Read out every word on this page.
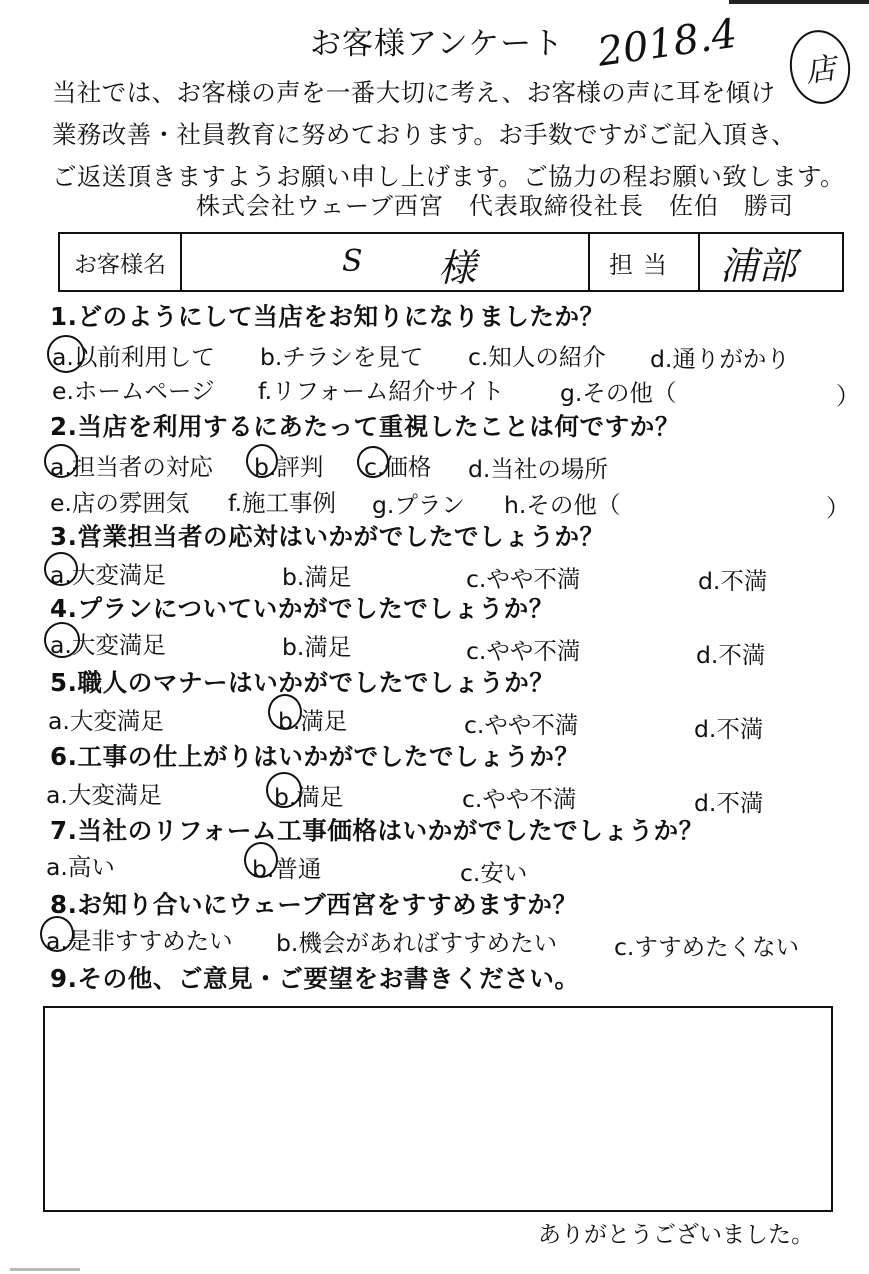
お客様アンケート 2018.4 店
当社では、お客様の声を一番大切に考え、お客様の声に耳を傾け
業務改善・社員教育に努めております。お手数ですがご記入頂き、
ご返送頂きますようお願い申し上げます。ご協力の程お願い致します。
株式会社ウェーブ西宮　代表取締役社長　佐伯　勝司
お客様名	S 様	担当	浦部
1.どのようにして当店をお知りになりましたか？
a.以前利用して b.チラシを見て c.知人の紹介 d.通りがかり
e.ホームページ f.リフォーム紹介サイト g.その他（	）
2.当店を利用するにあたって重視したことは何ですか？
a.担当者の対応 b.評判 c.価格 d.当社の場所
e.店の雰囲気 f.施工事例 g.プラン h.その他（	）
3.営業担当者の応対はいかがでしたでしょうか？
a.大変満足	b.満足	c.やや不満	d.不満
4.プランについていかがでしたでしょうか？
a.大変満足	b.満足	c.やや不満	d.不満
5.職人のマナーはいかがでしたでしょうか？
a.大変満足	b.満足	c.やや不満	d.不満
6.工事の仕上がりはいかがでしたでしょうか？
a.大変満足	b.満足	c.やや不満	d.不満
7.当社のリフォーム工事価格はいかがでしたでしょうか？
a.高い	b.普通	c.安い
8.お知り合いにウェーブ西宮をすすめますか？
a.是非すすめたい b.機会があればすすめたい c.すすめたくない
9.その他、ご意見・ご要望をお書きください。
ありがとうございました。
